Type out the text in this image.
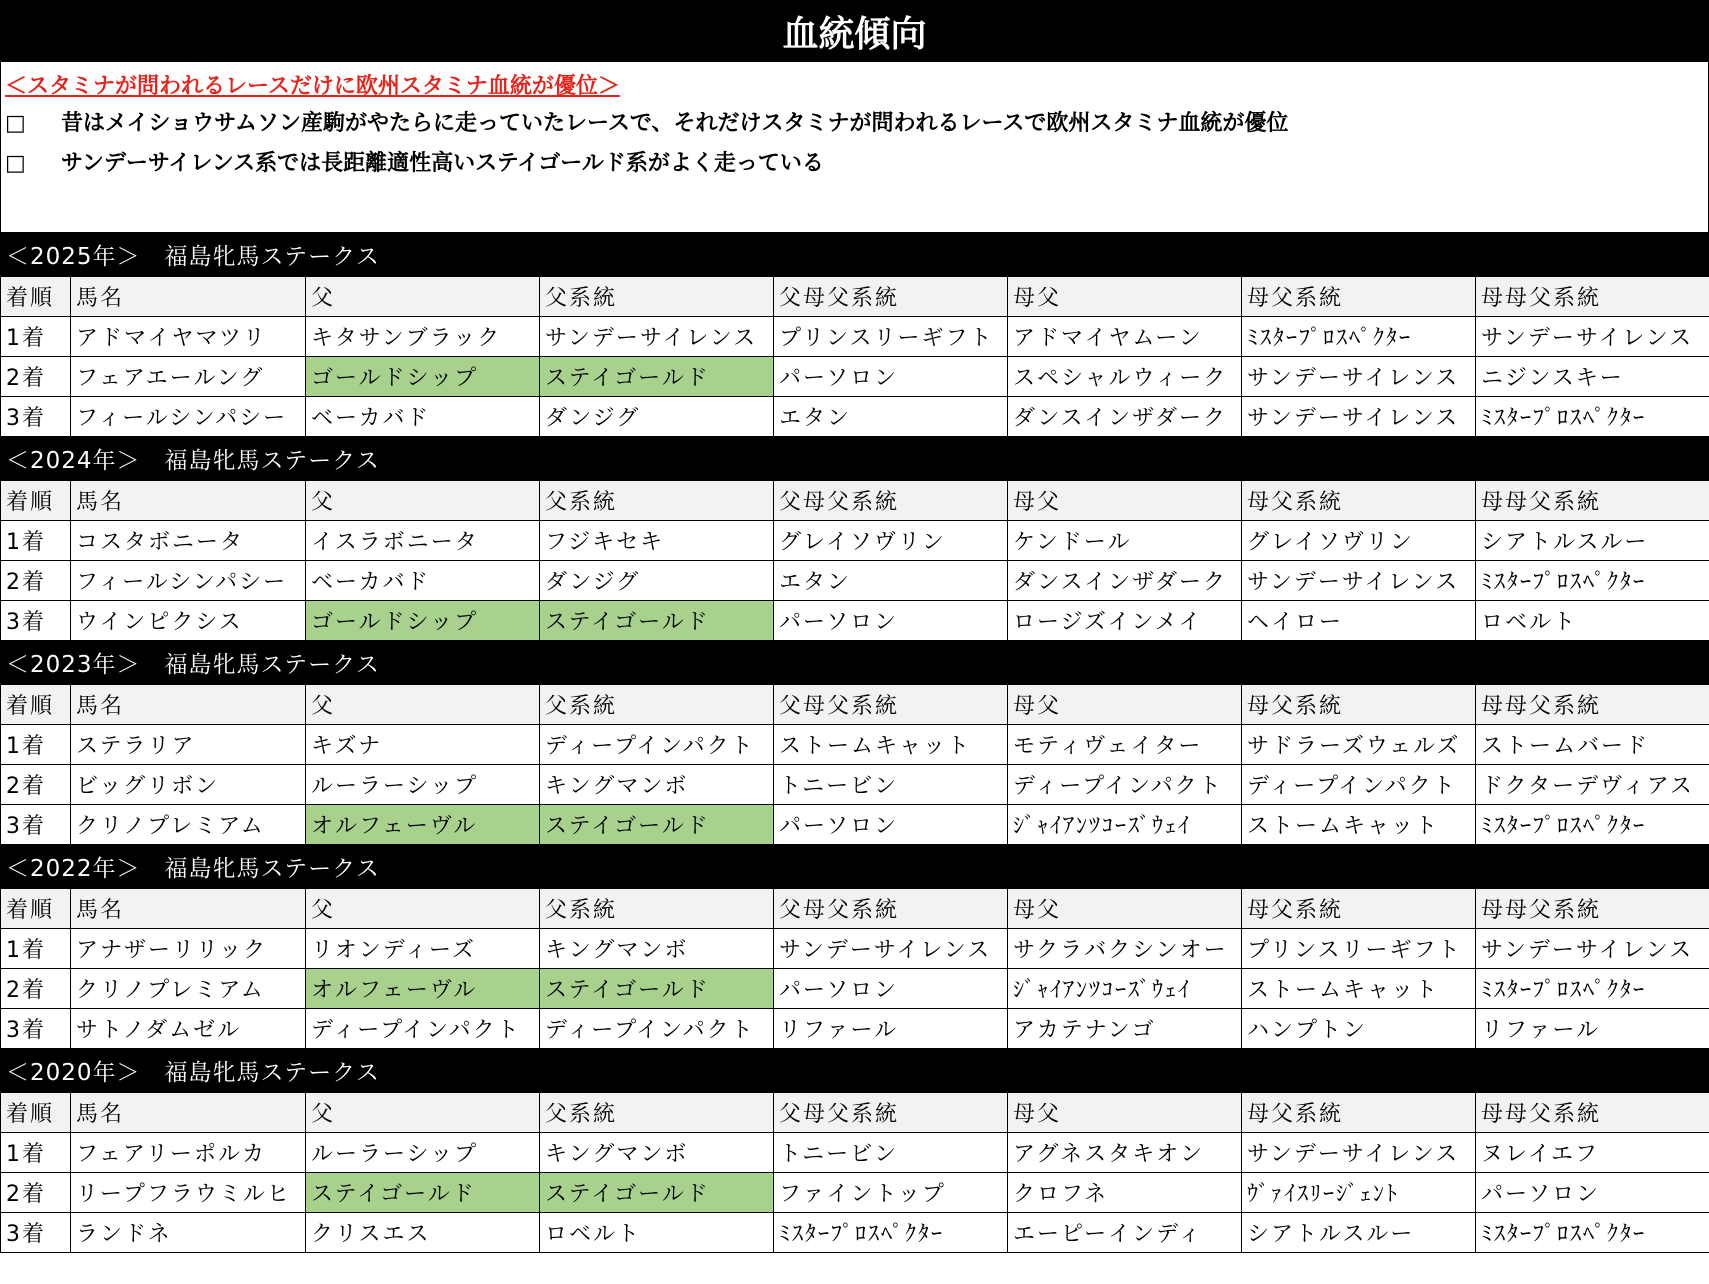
血統傾向
＜スタミナが問われるレースだけに欧州スタミナ血統が優位＞
□	昔はメイショウサムソン産駒がやたらに走っていたレースで、それだけスタミナが問われるレースで欧州スタミナ血統が優位
□	サンデーサイレンス系では長距離適性高いステイゴールド系がよく走っている
＜2025年＞　福島牝馬ステークス							
着順	馬名	父	父系統	父母父系統	母父	母父系統	母母父系統
1着	アドマイヤマツリ	キタサンブラック	サンデーサイレンス	プリンスリーギフト	アドマイヤムーン	ﾐｽﾀｰﾌﾟﾛｽﾍﾟｸﾀｰ	サンデーサイレンス
2着	フェアエールング	ゴールドシップ	ステイゴールド	パーソロン	スペシャルウィーク	サンデーサイレンス	ニジンスキー
3着	フィールシンパシー	ベーカバド	ダンジグ	エタン	ダンスインザダーク	サンデーサイレンス	ﾐｽﾀｰﾌﾟﾛｽﾍﾟｸﾀｰ
＜2024年＞　福島牝馬ステークス							
着順	馬名	父	父系統	父母父系統	母父	母父系統	母母父系統
1着	コスタボニータ	イスラボニータ	フジキセキ	グレイソヴリン	ケンドール	グレイソヴリン	シアトルスルー
2着	フィールシンパシー	ベーカバド	ダンジグ	エタン	ダンスインザダーク	サンデーサイレンス	ﾐｽﾀｰﾌﾟﾛｽﾍﾟｸﾀｰ
3着	ウインピクシス	ゴールドシップ	ステイゴールド	パーソロン	ロージズインメイ	ヘイロー	ロベルト
＜2023年＞　福島牝馬ステークス							
着順	馬名	父	父系統	父母父系統	母父	母父系統	母母父系統
1着	ステラリア	キズナ	ディープインパクト	ストームキャット	モティヴェイター	サドラーズウェルズ	ストームバード
2着	ビッグリボン	ルーラーシップ	キングマンボ	トニービン	ディープインパクト	ディープインパクト	ドクターデヴィアス
3着	クリノプレミアム	オルフェーヴル	ステイゴールド	パーソロン	ｼﾞｬｲｱﾝﾂｺｰｽﾞｳｪｲ	ストームキャット	ﾐｽﾀｰﾌﾟﾛｽﾍﾟｸﾀｰ
＜2022年＞　福島牝馬ステークス							
着順	馬名	父	父系統	父母父系統	母父	母父系統	母母父系統
1着	アナザーリリック	リオンディーズ	キングマンボ	サンデーサイレンス	サクラバクシンオー	プリンスリーギフト	サンデーサイレンス
2着	クリノプレミアム	オルフェーヴル	ステイゴールド	パーソロン	ｼﾞｬｲｱﾝﾂｺｰｽﾞｳｪｲ	ストームキャット	ﾐｽﾀｰﾌﾟﾛｽﾍﾟｸﾀｰ
3着	サトノダムゼル	ディープインパクト	ディープインパクト	リファール	アカテナンゴ	ハンプトン	リファール
＜2020年＞　福島牝馬ステークス							
着順	馬名	父	父系統	父母父系統	母父	母父系統	母母父系統
1着	フェアリーポルカ	ルーラーシップ	キングマンボ	トニービン	アグネスタキオン	サンデーサイレンス	ヌレイエフ
2着	リープフラウミルヒ	ステイゴールド	ステイゴールド	ファイントップ	クロフネ	ｳﾞｧｲｽﾘｰｼﾞｪﾝﾄ	パーソロン
3着	ランドネ	クリスエス	ロベルト	ﾐｽﾀｰﾌﾟﾛｽﾍﾟｸﾀｰ	エーピーインディ	シアトルスルー	ﾐｽﾀｰﾌﾟﾛｽﾍﾟｸﾀｰ
